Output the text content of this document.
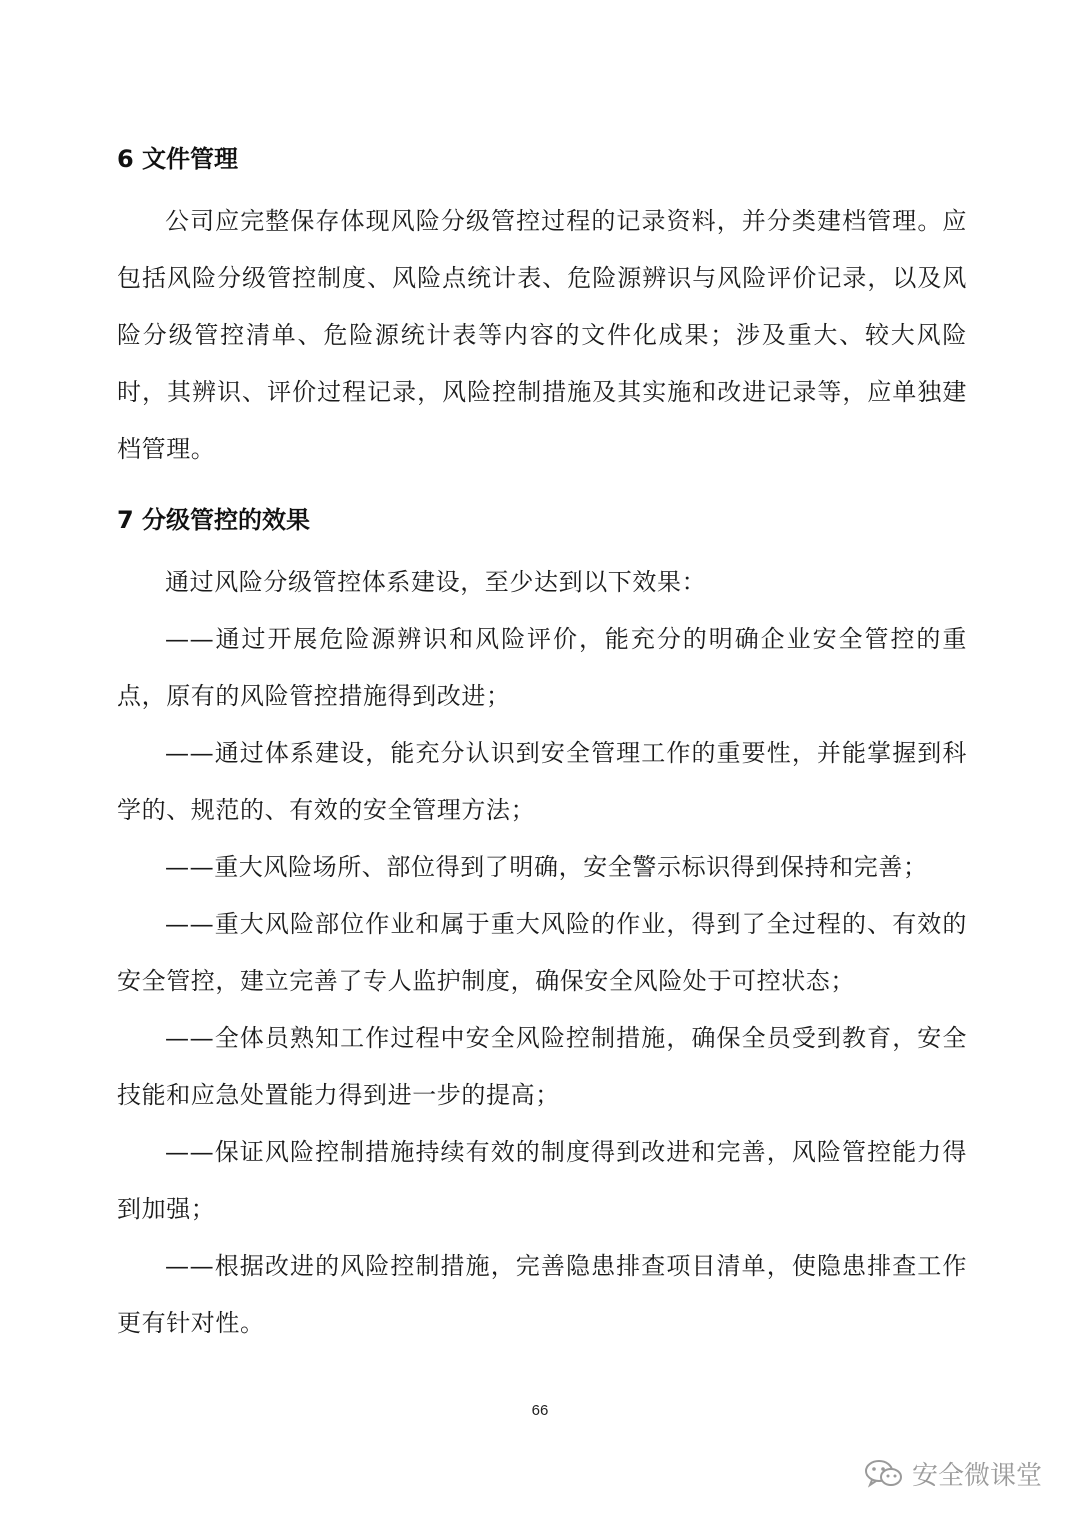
6 文件管理

公司应完整保存体现风险分级管控过程的记录资料，并分类建档管理。应包括风险分级管控制度、风险点统计表、危险源辨识与风险评价记录，以及风险分级管控清单、危险源统计表等内容的文件化成果；涉及重大、较大风险时，其辨识、评价过程记录，风险控制措施及其实施和改进记录等，应单独建档管理。

7 分级管控的效果

通过风险分级管控体系建设，至少达到以下效果：

——通过开展危险源辨识和风险评价，能充分的明确企业安全管控的重点，原有的风险管控措施得到改进；

——通过体系建设，能充分认识到安全管理工作的重要性，并能掌握到科学的、规范的、有效的安全管理方法；

——重大风险场所、部位得到了明确，安全警示标识得到保持和完善；

——重大风险部位作业和属于重大风险的作业，得到了全过程的、有效的安全管控，建立完善了专人监护制度，确保安全风险处于可控状态；

——全体员熟知工作过程中安全风险控制措施，确保全员受到教育，安全技能和应急处置能力得到进一步的提高；

——保证风险控制措施持续有效的制度得到改进和完善，风险管控能力得到加强；

——根据改进的风险控制措施，完善隐患排查项目清单，使隐患排查工作更有针对性。

66
安全微课堂
